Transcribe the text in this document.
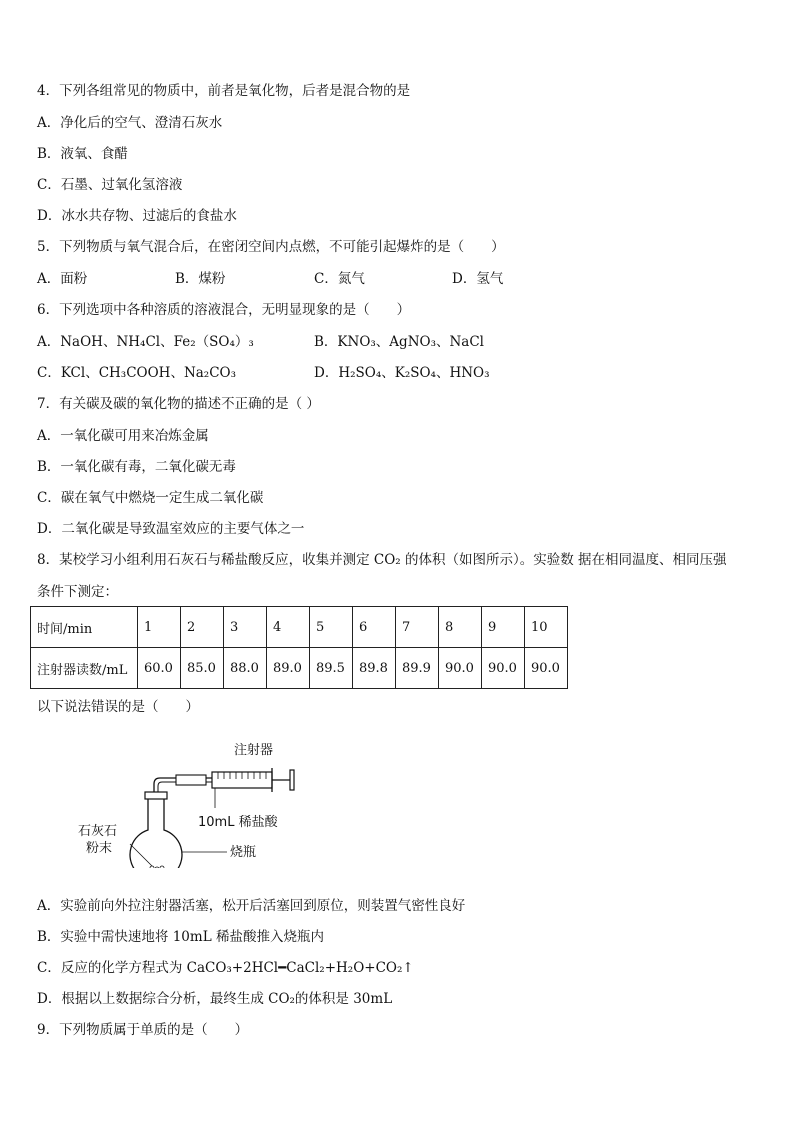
4．下列各组常见的物质中，前者是氧化物，后者是混合物的是
A．净化后的空气、澄清石灰水
B．液氧、食醋
C．石墨、过氧化氢溶液
D．冰水共存物、过滤后的食盐水
5．下列物质与氧气混合后，在密闭空间内点燃，不可能引起爆炸的是（　　）
A．面粉	B．煤粉	C．氮气	D．氢气
6．下列选项中各种溶质的溶液混合，无明显现象的是（　　）
A．NaOH、NH₄Cl、Fe₂（SO₄）₃	B．KNO₃、AgNO₃、NaCl
C．KCl、CH₃COOH、Na₂CO₃	D．H₂SO₄、K₂SO₄、HNO₃
7．有关碳及碳的氧化物的描述不正确的是（ ）
A．一氧化碳可用来冶炼金属
B．一氧化碳有毒，二氧化碳无毒
C．碳在氧气中燃烧一定生成二氧化碳
D．二氧化碳是导致温室效应的主要气体之一
8．某校学习小组利用石灰石与稀盐酸反应，收集并测定 CO₂ 的体积（如图所示）。实验数 据在相同温度、相同压强
条件下测定：
时间/min	1	2	3	4	5	6	7	8	9	10
注射器读数/mL	60.0	85.0	88.0	89.0	89.5	89.8	89.9	90.0	90.0	90.0
以下说法错误的是（　　）
注射器
10mL 稀盐酸
石灰石
粉末	烧瓶
A．实验前向外拉注射器活塞，松开后活塞回到原位，则装置气密性良好
B．实验中需快速地将 10mL 稀盐酸推入烧瓶内
C．反应的化学方程式为 CaCO₃+2HCl━CaCl₂+H₂O+CO₂↑
D．根据以上数据综合分析，最终生成 CO₂的体积是 30mL
9．下列物质属于单质的是（　　）
